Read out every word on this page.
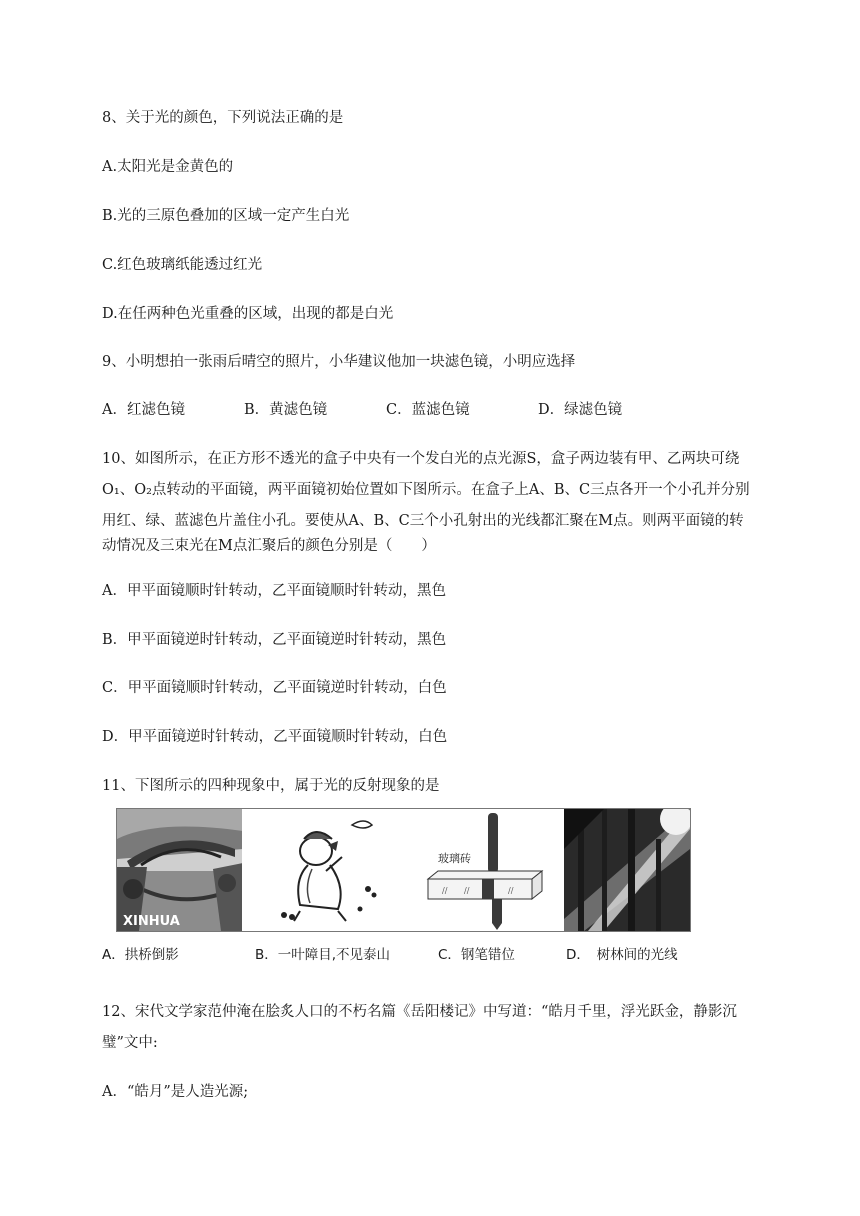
8、关于光的颜色，下列说法正确的是
A.太阳光是金黄色的
B.光的三原色叠加的区域一定产生白光
C.红色玻璃纸能透过红光
D.在任两种色光重叠的区域，出现的都是白光
9、小明想拍一张雨后晴空的照片，小华建议他加一块滤色镜，小明应选择
A．红滤色镜	B．黄滤色镜	C．蓝滤色镜	D．绿滤色镜
10、如图所示，在正方形不透光的盒子中央有一个发白光的点光源S，盒子两边装有甲、乙两块可绕
O₁、O₂点转动的平面镜，两平面镜初始位置如下图所示。在盒子上A、B、C三点各开一个小孔并分别
用红、绿、蓝滤色片盖住小孔。要使从A、B、C三个小孔射出的光线都汇聚在M点。则两平面镜的转
动情况及三束光在M点汇聚后的颜色分别是（　　）
A．甲平面镜顺时针转动，乙平面镜顺时针转动，黑色
B．甲平面镜逆时针转动，乙平面镜逆时针转动，黑色
C．甲平面镜顺时针转动，乙平面镜逆时针转动，白色
D．甲平面镜逆时针转动，乙平面镜顺时针转动，白色
11、下图所示的四种现象中，属于光的反射现象的是
XINHUA
// //	//
玻璃砖
A．拱桥倒影	B．一叶障目,不见泰山	C．钢笔错位	D．　树林间的光线
12、宋代文学家范仲淹在脍炙人口的不朽名篇《岳阳楼记》中写道：“皓月千里，浮光跃金，静影沉
璧”文中:
A．“皓月”是人造光源;
